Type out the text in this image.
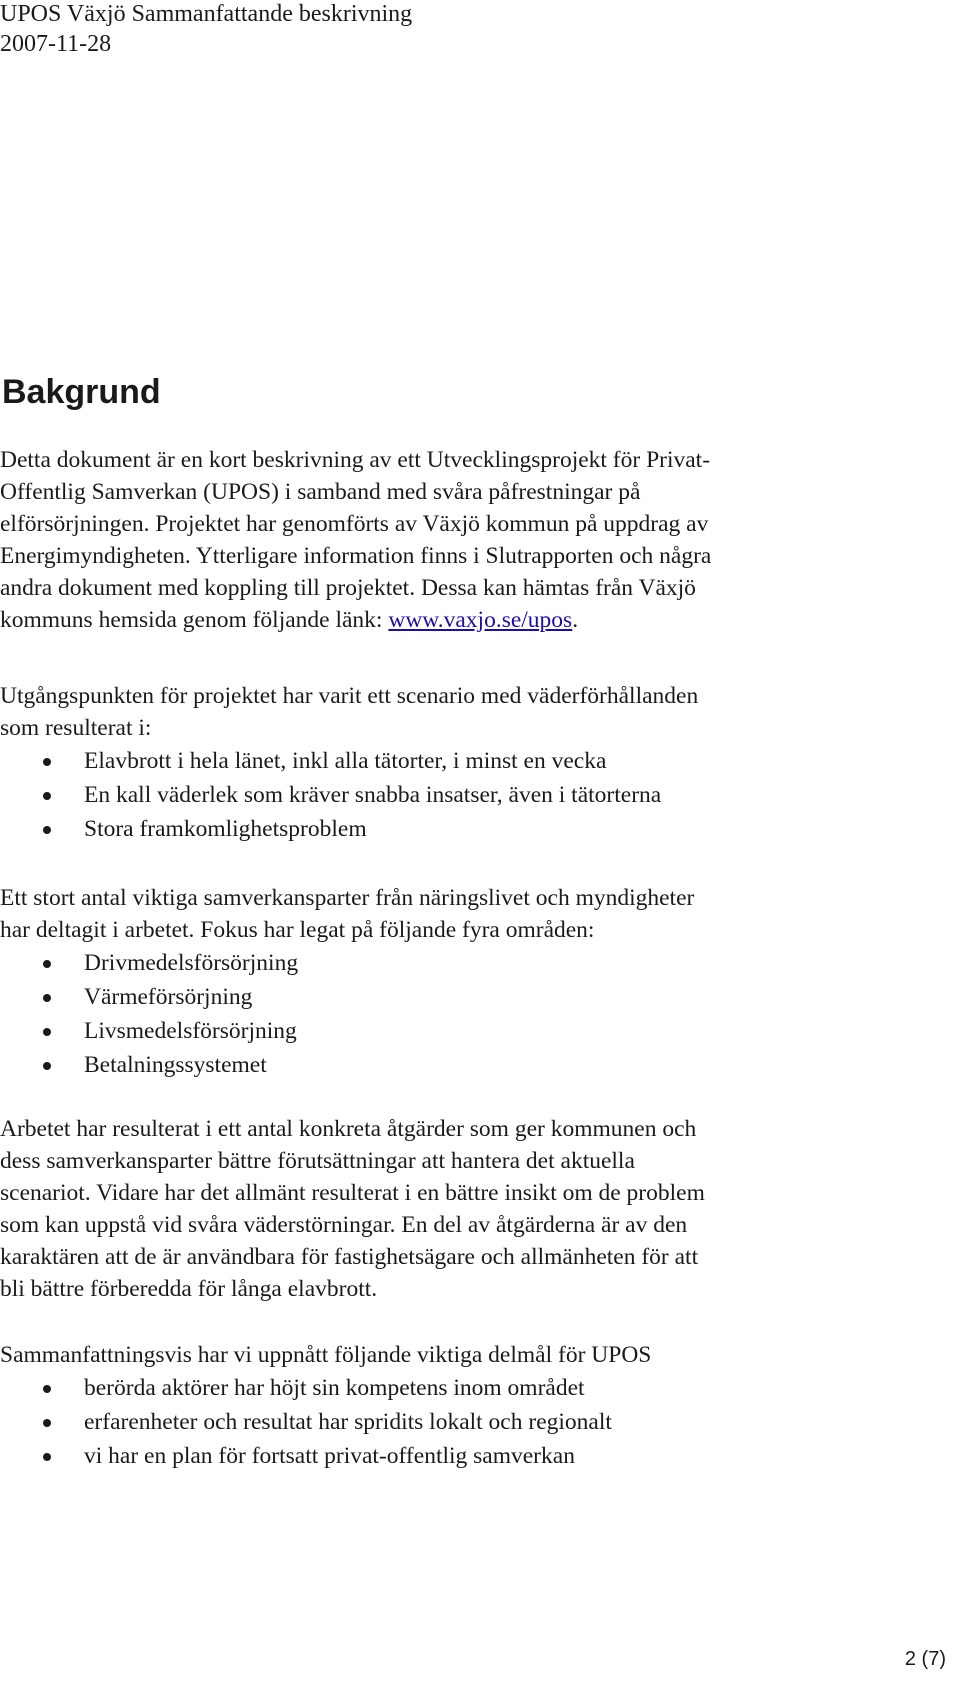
UPOS Växjö Sammanfattande beskrivning
2007-11-28
Bakgrund
Detta dokument är en kort beskrivning av ett Utvecklingsprojekt för Privat-
Offentlig Samverkan (UPOS) i samband med svåra påfrestningar på
elförsörjningen. Projektet har genomförts av Växjö kommun på uppdrag av
Energimyndigheten. Ytterligare information finns i Slutrapporten och några
andra dokument med koppling till projektet. Dessa kan hämtas från Växjö
kommuns hemsida genom följande länk: www.vaxjo.se/upos.
Utgångspunkten för projektet har varit ett scenario med väderförhållanden
som resulterat i:
Elavbrott i hela länet, inkl alla tätorter, i minst en vecka
En kall väderlek som kräver snabba insatser, även i tätorterna
Stora framkomlighetsproblem
Ett stort antal viktiga samverkansparter från näringslivet och myndigheter
har deltagit i arbetet. Fokus har legat på följande fyra områden:
Drivmedelsförsörjning
Värmeförsörjning
Livsmedelsförsörjning
Betalningssystemet
Arbetet har resulterat i ett antal konkreta åtgärder som ger kommunen och
dess samverkansparter bättre förutsättningar att hantera det aktuella
scenariot. Vidare har det allmänt resulterat i en bättre insikt om de problem
som kan uppstå vid svåra väderstörningar. En del av åtgärderna är av den
karaktären att de är användbara för fastighetsägare och allmänheten för att
bli bättre förberedda för långa elavbrott.
Sammanfattningsvis har vi uppnått följande viktiga delmål för UPOS
berörda aktörer har höjt sin kompetens inom området
erfarenheter och resultat har spridits lokalt och regionalt
vi har en plan för fortsatt privat-offentlig samverkan
2 (7)
